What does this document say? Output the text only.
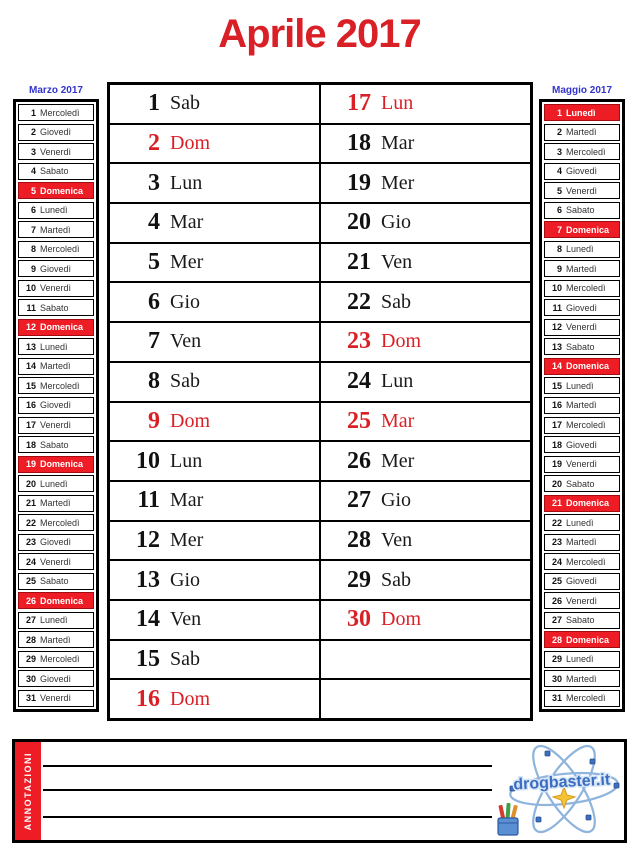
Aprile 2017
Marzo 2017	Maggio 2017
1 Mercoledì
2 Giovedì
3 Venerdì
4 Sabato
5 Domenica
6 Lunedì
7 Martedì
8 Mercoledì
9 Giovedì
10 Venerdì
11 Sabato
12 Domenica
13 Lunedì
14 Martedì
15 Mercoledì
16 Giovedì
17 Venerdì
18 Sabato
19 Domenica
20 Lunedì
21 Martedì
22 Mercoledì
23 Giovedì
24 Venerdì
25 Sabato
26 Domenica
27 Lunedì
28 Martedì
29 Mercoledì
30 Giovedì
31 Venerdì
1 Sab
2 Dom
3 Lun
4 Mar
5 Mer
6 Gio
7 Ven
8 Sab
9 Dom
10 Lun
11 Mar
12 Mer
13 Gio
14 Ven
15 Sab
16 Dom
17 Lun
18 Mar
19 Mer
20 Gio
21 Ven
22 Sab
23 Dom
24 Lun
25 Mar
26 Mer
27 Gio
28 Ven
29 Sab
30 Dom
1 Lunedì
2 Martedì
3 Mercoledì
4 Giovedì
5 Venerdì
6 Sabato
7 Domenica
8 Lunedì
9 Martedì
10 Mercoledì
11 Giovedì
12 Venerdì
13 Sabato
14 Domenica
15 Lunedì
16 Martedì
17 Mercoledì
18 Giovedì
19 Venerdì
20 Sabato
21 Domenica
22 Lunedì
23 Martedì
24 Mercoledì
25 Giovedì
26 Venerdì
27 Sabato
28 Domenica
29 Lunedì
30 Martedì
31 Mercoledì
ANNOTAZIONI	drogbaster.it
